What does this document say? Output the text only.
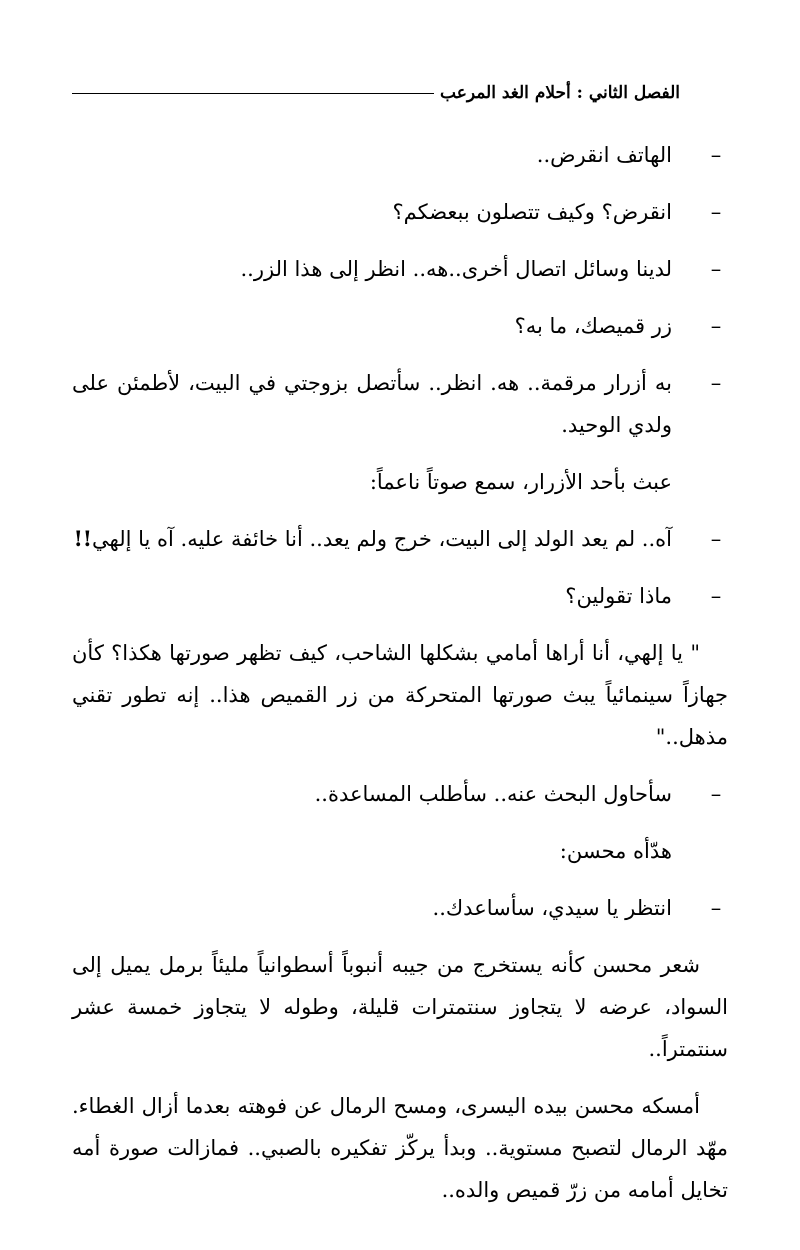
الفصل الثاني : أحلام الغد المرعب

–
الهاتف انقرض..

–
انقرض؟ وكيف تتصلون ببعضكم؟

–
لدينا وسائل اتصال أخرى..هه.. انظر إلى هذا الزر..

–
زر قميصك، ما به؟

–
به أزرار مرقمة.. هه. انظر.. سأتصل بزوجتي في البيت، لأطمئن على ولدي الوحيد.

عبث بأحد الأزرار، سمع صوتاً ناعماً:

–
آه.. لم يعد الولد إلى البيت، خرج ولم يعد.. أنا خائفة عليه. آه يا إلهي!!

–
ماذا تقولين؟

" يا إلهي، أنا أراها أمامي بشكلها الشاحب، كيف تظهر صورتها هكذا؟ كأن جهازاً سينمائياً يبث صورتها المتحركة من زر القميص هذا.. إنه تطور تقني مذهل.."

–
سأحاول البحث عنه.. سأطلب المساعدة..

هدّأه محسن:

–
انتظر يا سيدي، سأساعدك..

شعر محسن كأنه يستخرج من جيبه أنبوباً أسطوانياً مليئاً برمل يميل إلى السواد، عرضه لا يتجاوز سنتمترات قليلة، وطوله لا يتجاوز خمسة عشر سنتمتراً..

أمسكه محسن بيده اليسرى، ومسح الرمال عن فوهته بعدما أزال الغطاء. مهّد الرمال لتصبح مستوية.. وبدأ يركّز تفكيره بالصبي.. فمازالت صورة أمه تخايل أمامه من زرّ قميص والده..
